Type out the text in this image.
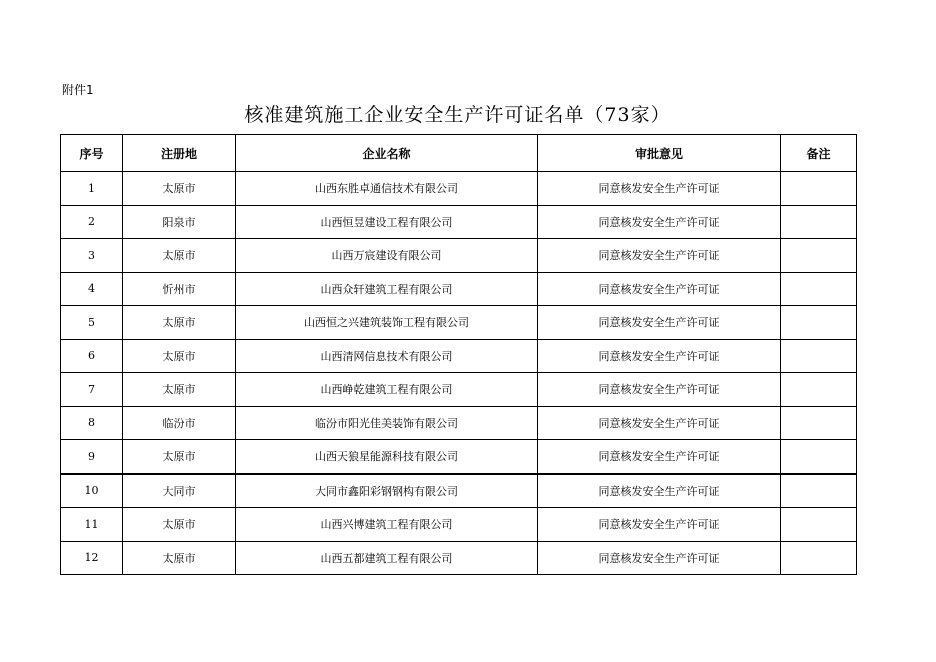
附件1
核准建筑施工企业安全生产许可证名单（73家）
序号	注册地	企业名称	审批意见	备注
1	太原市	山西东胜卓通信技术有限公司	同意核发安全生产许可证	
2	阳泉市	山西恒昱建设工程有限公司	同意核发安全生产许可证	
3	太原市	山西万宸建设有限公司	同意核发安全生产许可证	
4	忻州市	山西众轩建筑工程有限公司	同意核发安全生产许可证	
5	太原市	山西恒之兴建筑装饰工程有限公司	同意核发安全生产许可证	
6	太原市	山西清网信息技术有限公司	同意核发安全生产许可证	
7	太原市	山西峥乾建筑工程有限公司	同意核发安全生产许可证	
8	临汾市	临汾市阳光佳美装饰有限公司	同意核发安全生产许可证	
9	太原市	山西天狼星能源科技有限公司	同意核发安全生产许可证	
10	大同市	大同市鑫阳彩钢钢构有限公司	同意核发安全生产许可证	
11	太原市	山西兴博建筑工程有限公司	同意核发安全生产许可证	
12	太原市	山西五都建筑工程有限公司	同意核发安全生产许可证	
